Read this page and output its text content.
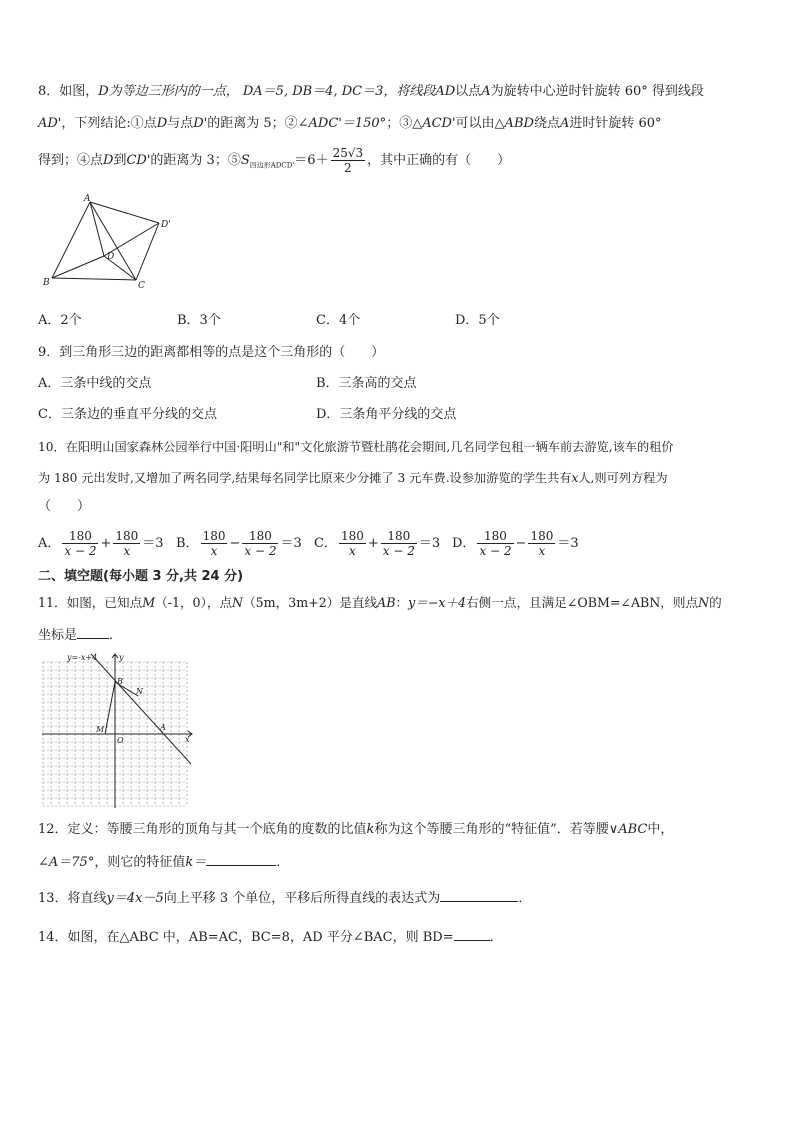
8．如图，D为等边三形内的一点， DA＝5, DB＝4, DC＝3，将线段AD以点A为旋转中心逆时针旋转 60° 得到线段
AD'，下列结论:①点D与点D'的距离为 5；②∠ADC'＝150°；③△ACD'可以由△ABD绕点A进时针旋转 60°
得到；④点D到CD'的距离为 3；$⑤S_{四边形ADCD'}=6+ \frac{25√3}{2}$ ，其中正确的有（　　）
A
B	C
D
D'
A．2个	B．3个	C．4个	D．5个
9．到三角形三边的距离都相等的点是这个三角形的（　　）
A．三条中线的交点	B．三条高的交点
C．三条边的垂直平分线的交点	D．三条角平分线的交点
10．在阳明山国家森林公园举行中国·阳明山"和"文化旅游节暨杜鹃花会期间,几名同学包租一辆车前去游览,该车的租价
为 180 元出发时,又增加了两名同学,结果每名同学比原来少分摊了 3 元车费.设参加游览的学生共有x人,则可列方程为
（　　）
A． $\frac{180}{x - 2} + \frac{180}{x} =3$ B． $\frac{180}{x} - \frac{180}{x - 2} =3$ C． $\frac{180}{x} + \frac{180}{x - 2} =3$ D． $\frac{180}{x - 2} - \frac{180}{x} =3$
二、填空题(每小题 3 分,共 24 分)
11．如图，已知点M（-1，0），点N（5m，3m+2）是直线AB：y＝−x＋4右侧一点，且满足∠OBM=∠ABN，则点N的
坐标是 ．
y=-x+4	y
x
B
N
M
O
A
12．定义：等腰三角形的顶角与其一个底角的度数的比值k称为这个等腰三角形的“特征值”．若等腰∨ABC中，
∠A＝75°，则它的特征值k＝	．
13．将直线y＝4x－5向上平移 3 个单位，平移后所得直线的表达式为	．
14．如图，在△ABC 中，AB=AC，BC=8，AD 平分∠BAC，则 BD=	．
